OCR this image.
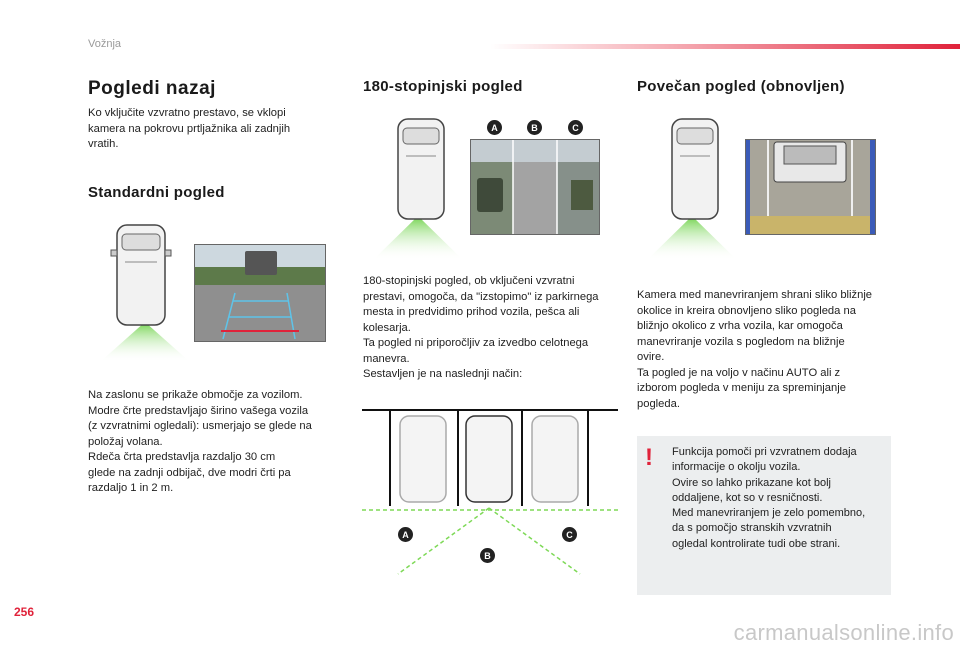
Vožnja
Pogledi nazaj
Ko vključite vzvratno prestavo, se vklopi
kamera na pokrovu prtljažnika ali zadnjih
vratih.
Standardni pogled
Na zaslonu se prikaže območje za vozilom.
Modre črte predstavljajo širino vašega vozila
(z vzvratnimi ogledali): usmerjajo se glede na
položaj volana.
Rdeča črta predstavlja razdaljo 30 cm
glede na zadnji odbijač, dve modri črti pa
razdaljo 1 in 2 m.
180-stopinjski pogled
A	B	C
180-stopinjski pogled, ob vključeni vzvratni
prestavi, omogoča, da "izstopimo" iz parkirnega
mesta in predvidimo prihod vozila, pešca ali
kolesarja.
Ta pogled ni priporočljiv za izvedbo celotnega
manevra.
Sestavljen je na naslednji način:
A
B
C
Povečan pogled (obnovljen)
Kamera med manevriranjem shrani sliko bližnje
okolice in kreira obnovljeno sliko pogleda na
bližnjo okolico z vrha vozila, kar omogoča
manevriranje vozila s pogledom na bližnje
ovire.
Ta pogled je na voljo v načinu AUTO ali z
izborom pogleda v meniju za spreminjanje
pogleda.
! Funkcija pomoči pri vzvratnem dodaja
informacije o okolju vozila.
Ovire so lahko prikazane kot bolj
oddaljene, kot so v resničnosti.
Med manevriranjem je zelo pomembno,
da s pomočjo stranskih vzvratnih
ogledal kontrolirate tudi obe strani.
256
carmanualsonline.info
